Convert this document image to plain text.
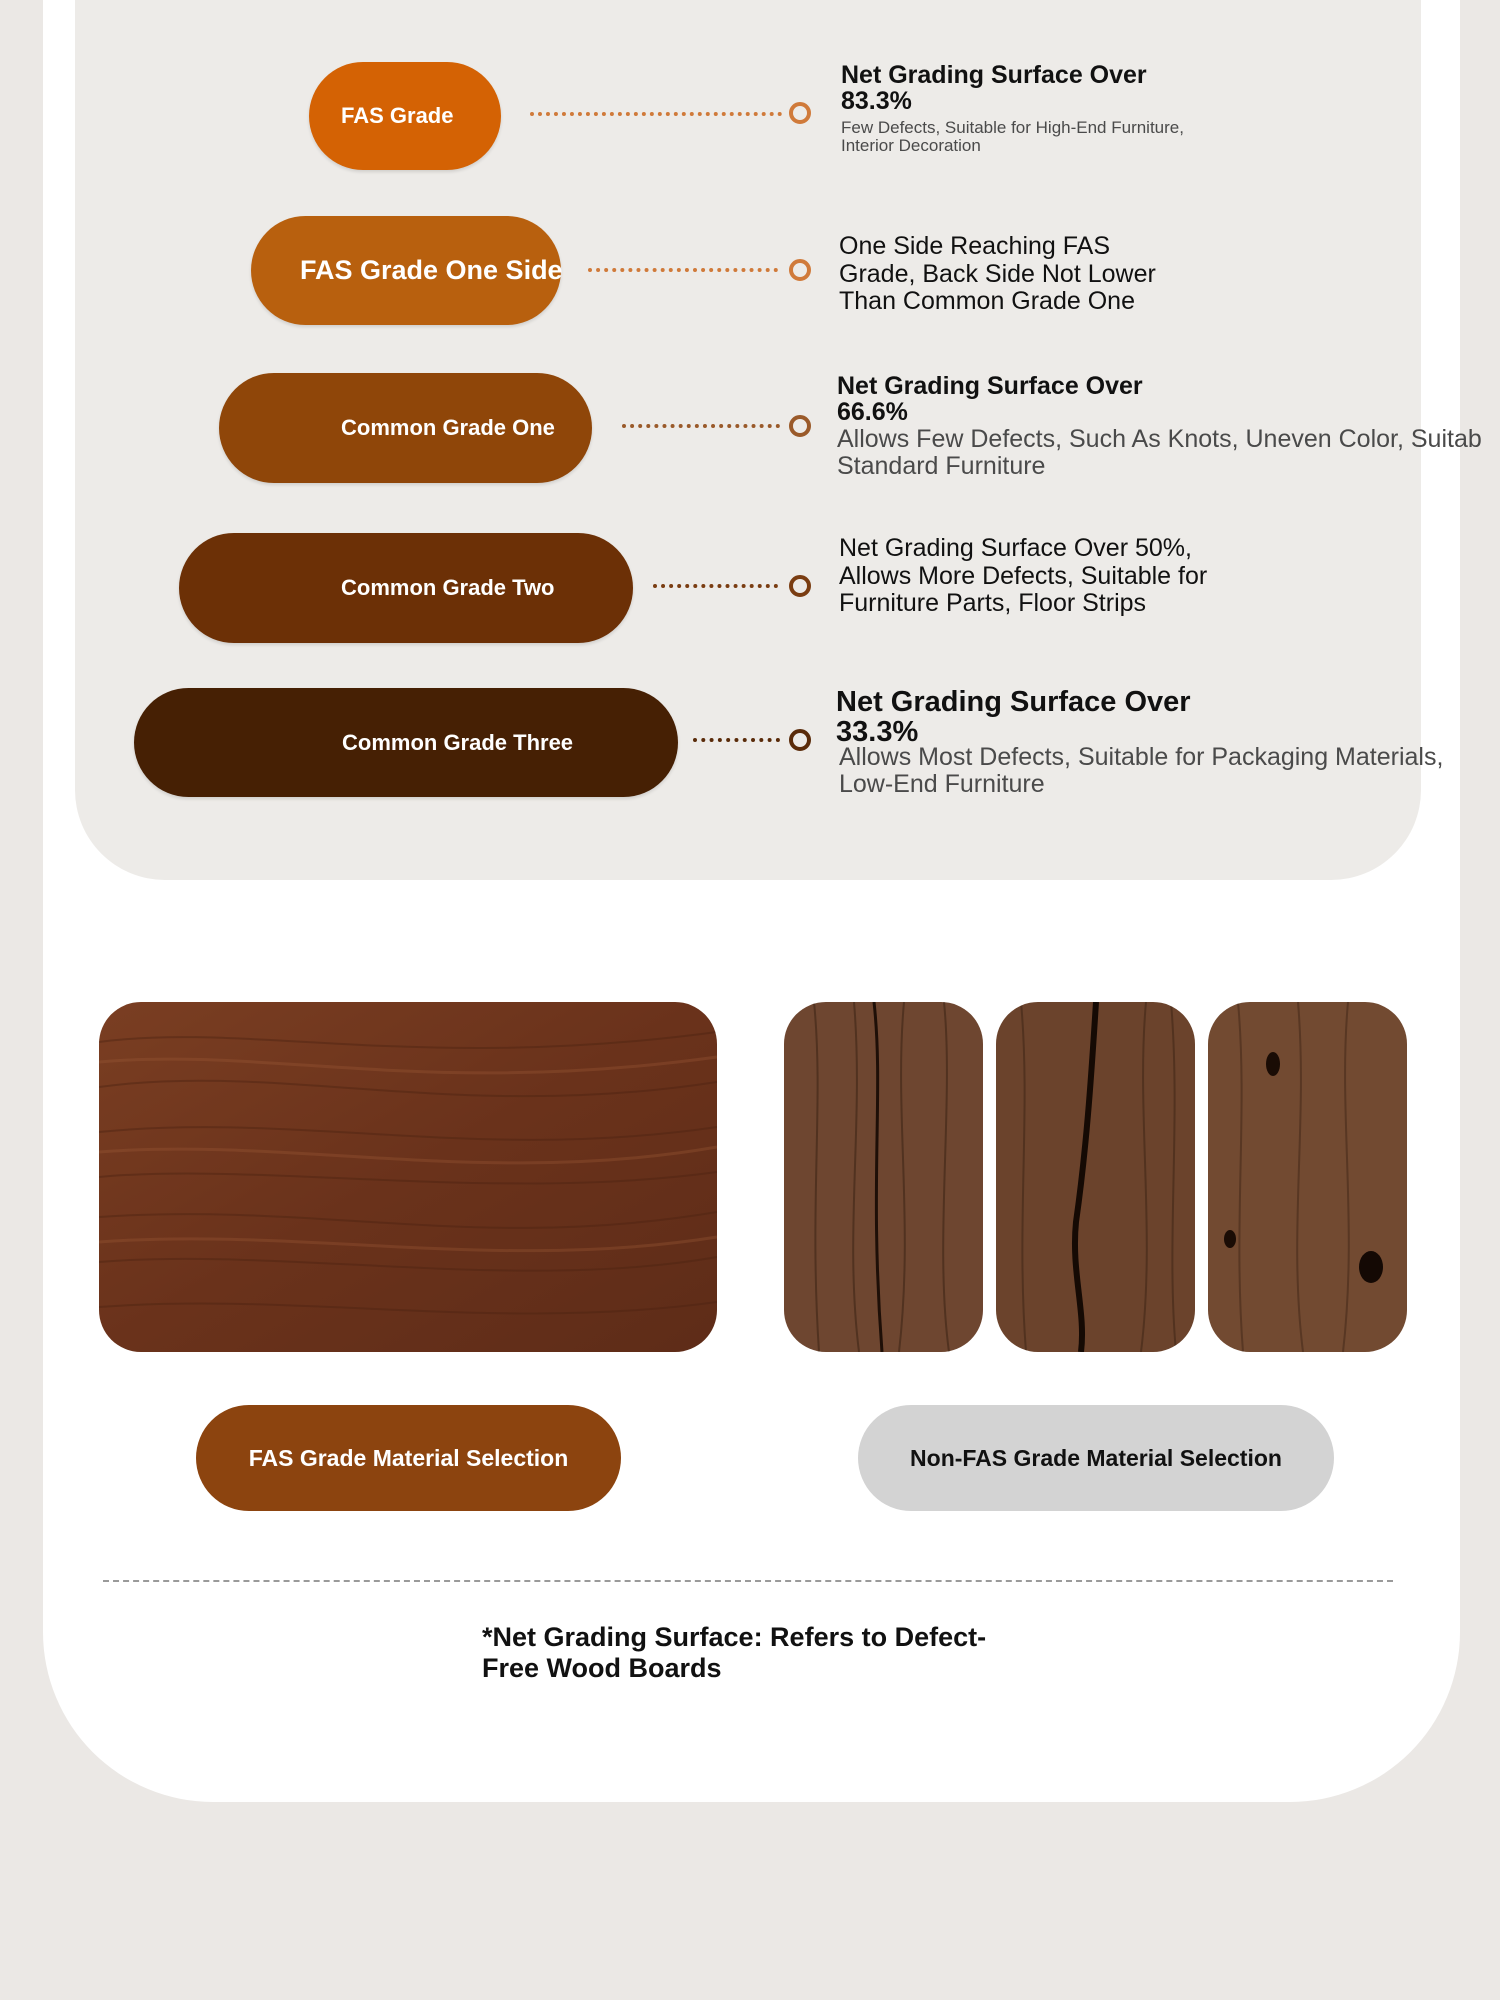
FAS Grade
Net Grading Surface Over 83.3%
Few Defects, Suitable for High-End Furniture, Interior Decoration
FAS Grade One Side
One Side Reaching FAS Grade, Back Side Not Lower Than Common Grade One
Common Grade One
Net Grading Surface Over 66.6%
Allows Few Defects, Such As Knots, Uneven Color, Suitab Standard Furniture
Common Grade Two
Net Grading Surface Over 50%, Allows More Defects, Suitable for Furniture Parts, Floor Strips
Common Grade Three
Net Grading Surface Over 33.3%
Allows Most Defects, Suitable for Packaging Materials, Low-End Furniture
FAS Grade Material Selection	Non-FAS Grade Material Selection
*Net Grading Surface: Refers to Defect-Free Wood Boards
